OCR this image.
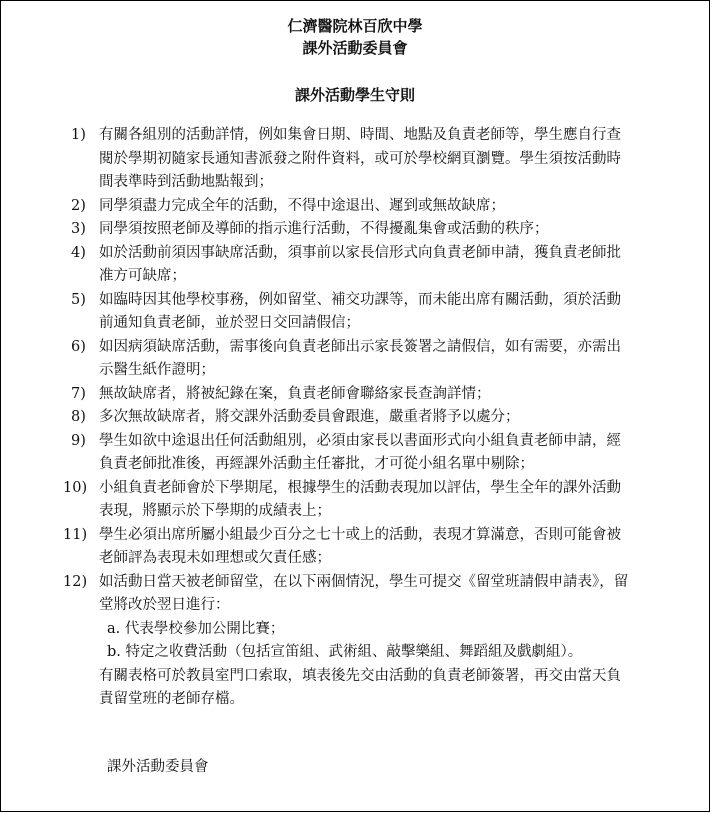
仁濟醫院林百欣中學

課外活動委員會

課外活動學生守則

1) 有關各組別的活動詳情，例如集會日期、時間、地點及負責老師等，學生應自行查閱於學期初隨家長通知書派發之附件資料，或可於學校網頁瀏覽。學生須按活動時間表準時到活動地點報到；
2) 同學須盡力完成全年的活動，不得中途退出、遲到或無故缺席；
3) 同學須按照老師及導師的指示進行活動，不得擾亂集會或活動的秩序；
4) 如於活動前須因事缺席活動，須事前以家長信形式向負責老師申請，獲負責老師批准方可缺席；
5) 如臨時因其他學校事務，例如留堂、補交功課等，而未能出席有關活動，須於活動前通知負責老師，並於翌日交回請假信；
6) 如因病須缺席活動，需事後向負責老師出示家長簽署之請假信，如有需要，亦需出示醫生紙作證明；
7) 無故缺席者，將被紀錄在案，負責老師會聯絡家長查詢詳情；
8) 多次無故缺席者，將交課外活動委員會跟進，嚴重者將予以處分；
9) 學生如欲中途退出任何活動組別，必須由家長以書面形式向小組負責老師申請，經負責老師批准後，再經課外活動主任審批，才可從小組名單中剔除；
10) 小組負責老師會於下學期尾，根據學生的活動表現加以評估，學生全年的課外活動表現，將顯示於下學期的成績表上；
11) 學生必須出席所屬小組最少百分之七十或上的活動，表現才算滿意，否則可能會被老師評為表現未如理想或欠責任感；
12) 如活動日當天被老師留堂，在以下兩個情況，學生可提交《留堂班請假申請表》，留堂將改於翌日進行：
a. 代表學校參加公開比賽；
b. 特定之收費活動（包括宣笛組、武術組、敲擊樂組、舞蹈組及戲劇組）。
有關表格可於教員室門口索取，填表後先交由活動的負責老師簽署，再交由當天負責留堂班的老師存檔。
課外活動委員會
